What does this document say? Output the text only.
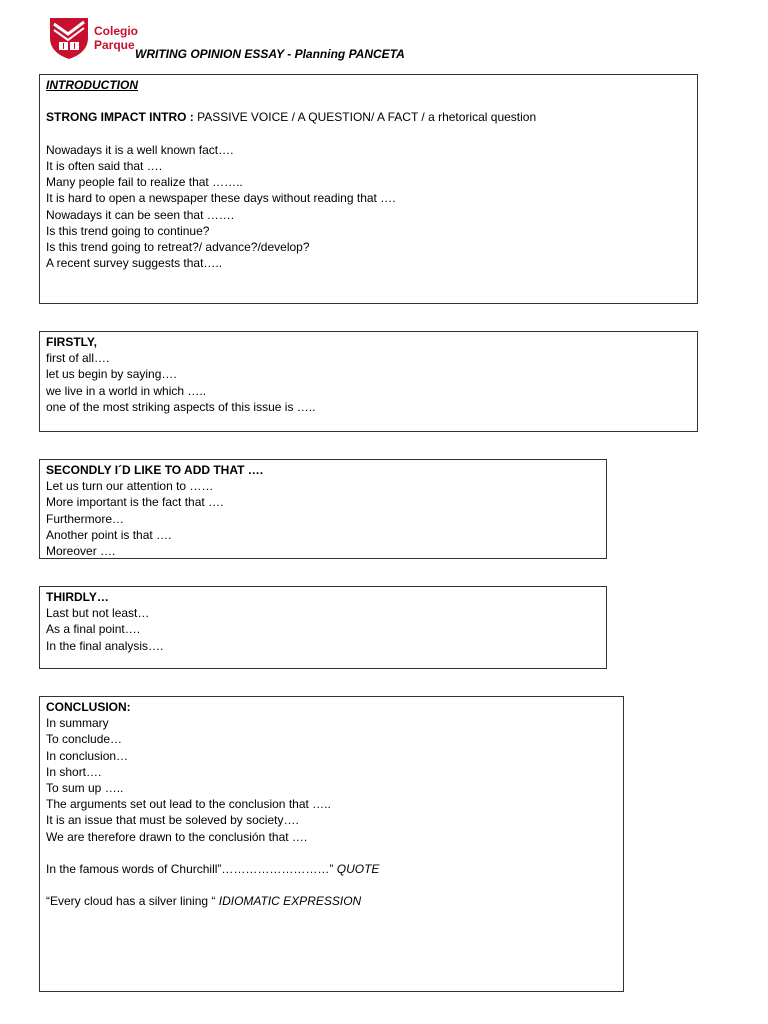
Colegio
Parque
WRITING OPINION ESSAY - Planning PANCETA
INTRODUCTION
STRONG IMPACT INTRO : PASSIVE VOICE / A QUESTION/ A FACT / a rhetorical question
Nowadays it is a well known fact….
It is often said that ….
Many people fail to realize that ……..
It is hard to open a newspaper these days without reading that ….
Nowadays it can be seen that …….
Is this trend going to continue?
Is this trend going to retreat?/ advance?/develop?
A recent survey suggests that…..
FIRSTLY,
first of all….
let us begin by saying….
we live in a world in which …..
one of the most striking aspects of this issue is …..
SECONDLY I´D LIKE TO ADD THAT ….
Let us turn our attention to ……
More important is the fact that ….
Furthermore…
Another point is that ….
Moreover ….
THIRDLY…
Last but not least…
As a final point….
In the final analysis….
CONCLUSION:
In summary
To conclude…
In conclusion…
In short….
To sum up …..
The arguments set out lead to the conclusion that …..
It is an issue that must be soleved by society….
We are therefore drawn to the conclusión that ….
In the famous words of Churchill”………………………” QUOTE
“Every cloud has a silver lining “ IDIOMATIC EXPRESSION
